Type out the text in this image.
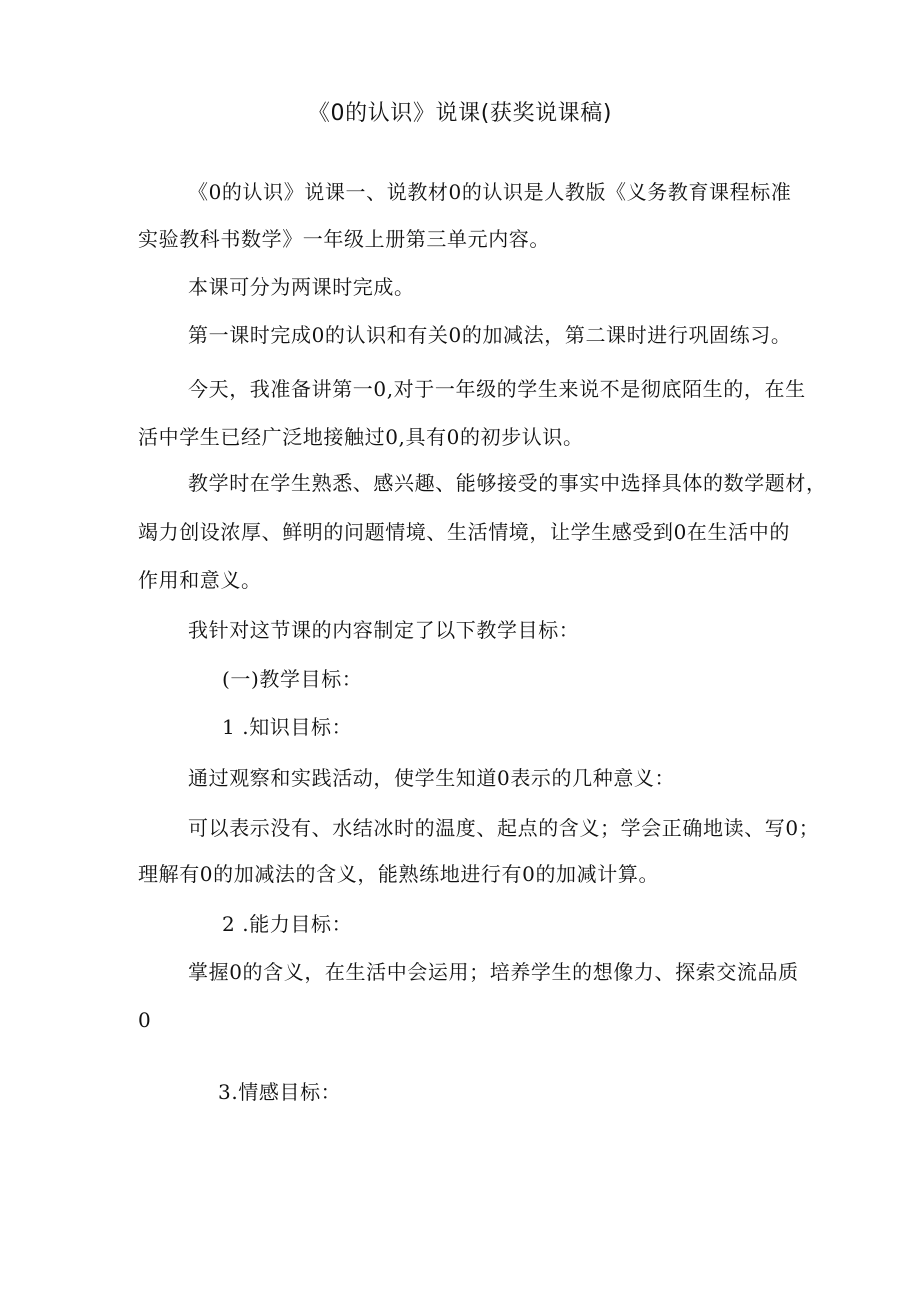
《0的认识》说课(获奖说课稿)
《0的认识》说课一、说教材0的认识是人教版《义务教育课程标准
实验教科书数学》一年级上册第三单元内容。
本课可分为两课时完成。
第一课时完成0的认识和有关0的加减法，第二课时进行巩固练习。
今天，我准备讲第一0,对于一年级的学生来说不是彻底陌生的，在生
活中学生已经广泛地接触过0,具有0的初步认识。
教学时在学生熟悉、感兴趣、能够接受的事实中选择具体的数学题材，
竭力创设浓厚、鲜明的问题情境、生活情境，让学生感受到0在生活中的
作用和意义。
我针对这节课的内容制定了以下教学目标：
(一)教学目标：
1 .知识目标：
通过观察和实践活动，使学生知道0表示的几种意义：
可以表示没有、水结冰时的温度、起点的含义；学会正确地读、写0；
理解有0的加减法的含义，能熟练地进行有0的加减计算。
2 .能力目标：
掌握0的含义，在生活中会运用；培养学生的想像力、探索交流品质
0
3.情感目标：
